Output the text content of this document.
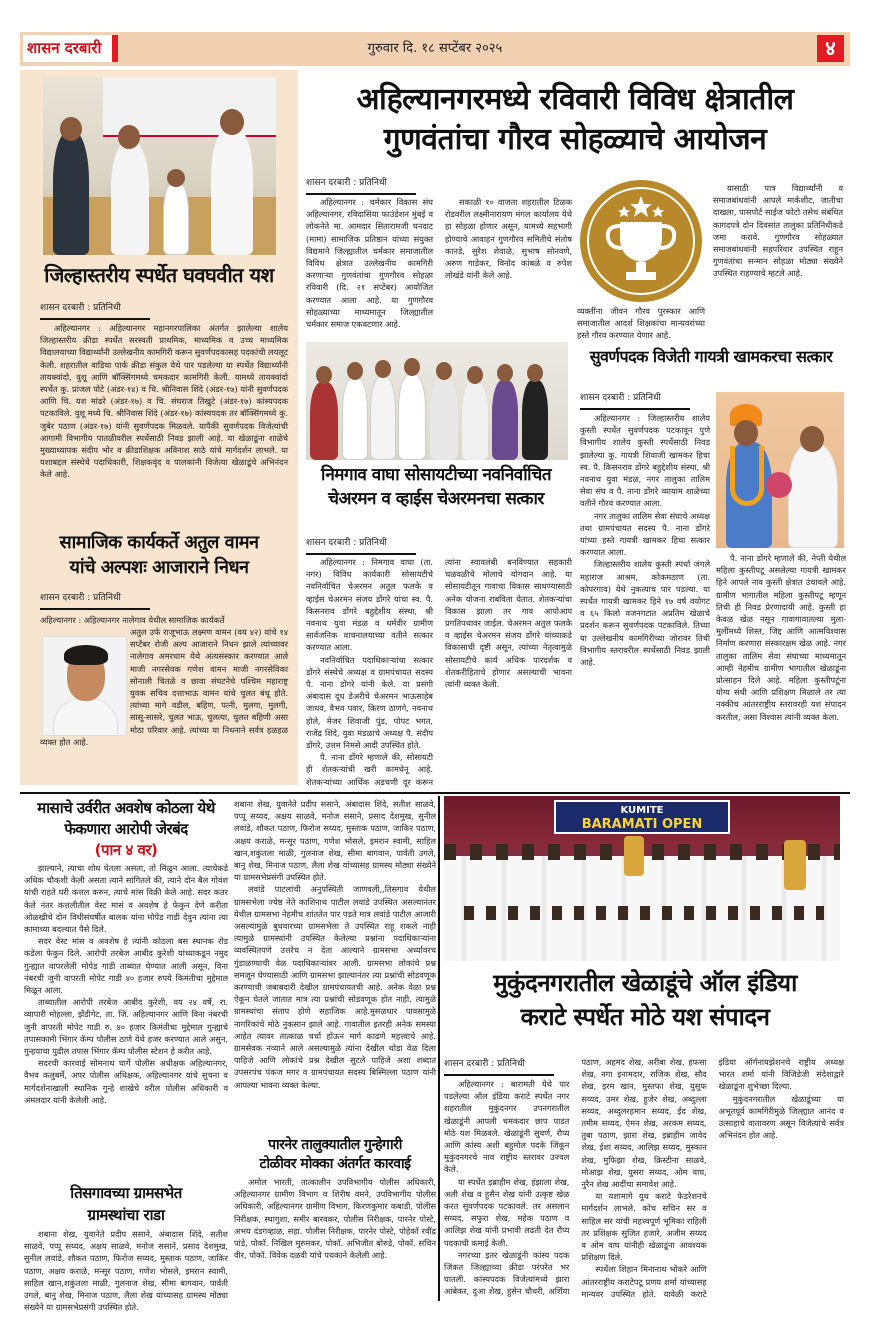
गुरुवार दि. १८ सप्टेंबर २०२५
शासन दरबारी	४
जिल्हास्तरीय स्पर्धेत घवघवीत यश
शासन दरबारी : प्रतिनिधी

अहिल्यानगर : अहिल्यानगर महानगरपालिका अंतर्गत झालेल्या शालेय जिल्हास्तरीय क्रीडा स्पर्धेत सरस्वती प्राथमिक, माध्यमिक व उच्च माध्यमिक विद्यालयाच्या विद्यार्थ्यांनी उल्लेखनीय कामगिरी करून सुवर्णपदकासह पदकांची लयलूट केली. शहरातील वाडिया पार्क क्रीडा संकुल येथे पार पडलेल्या या स्पर्धेत विद्यार्थ्यांनी तायक्वांदो, वुशू आणि बॉक्सिंगमध्ये चमकदार कामगिरी केली. यामध्ये तायक्वांदो स्पर्धेत कु. प्रांजल पोटे (अंडर-१४) व चि. श्रीनिवास शिंदे (अंडर-१७) यांनी सुवर्णपदक आणि चि. यश मांढरे (अंडर-१७) व चि. संघराज तिखुटे (अंडर-१७) कांस्यपदक पटकाविले. वुशू मध्ये चि. श्रीनिवास शिंदे (अंडर-१७) कांस्यपदक तर बॉक्सिंगमध्ये कु. जुबेर पठाण (अंडर-१७) यांनी सुवर्णपदक मिळवले. यापैकी सुवर्णपदक विजेत्यांची आगामी विभागीय पातळीवरील स्पर्धेसाठी निवड झाली आहे. या खेळाडूंना शाळेचे मुख्याध्यापक संदीप भोर व क्रीडाशिक्षक अविनाश साठे यांचे मार्गदर्शन लाभले. या यशाबद्दल संस्थेचे पदाधिकारी, शिक्षकवृंद व पालकांनी विजेत्या खेळाडूंचे अभिनंदन केले आहे.

सामाजिक कार्यकर्ते अतुल वामन
यांचे अल्पशः आजाराने निधन
शासन दरबारी : प्रतिनिधी
अहिल्यानगर : अहिल्यानगर नालेगाव येथील सामाजिक कार्यकर्ते

अतुल उर्फ राजूभाऊ लक्ष्मण वामन (वय ४२) यांचे १४ सप्टेंबर रोजी अल्प आजाराने निधन झाले त्यांच्यावर नालेगाव अमरधाम येथे अंत्यसंस्कार करण्यात आले माजी नगरसेवक गणेश वामन माजी नगरसेविका सोनाली चितळे व छावा संघटनेचे पश्चिम महाराष्ट्र युवक सचिव दत्ताभाऊ वामन यांचे चुलत बंधू होते. त्यांच्या मागे वडील, बहिण, पत्नी, मुलगा, मुलगी, सासू-सासरे, चुलत भाऊ, चुलत्या, चुलत बहिणी असा मोठा परिवार आहे. त्यांच्या या निधनाने सर्वत्र हळहळ व्यक्त होत आहे.

अहिल्यानगरमध्ये रविवारी विविध क्षेत्रातील
गुणवंतांचा गौरव सोहळ्याचे आयोजन
शासन दरबारी : प्रतिनिधी

अहिल्यानगर : चर्मकार विकास संघ अहिल्यानगर, रविदासिया फाउंडेशन मुंबई व लोकनेते मा. आमदार सितारामजी घनदाट (मामा) सामाजिक प्रतिष्ठान यांच्या संयुक्त विद्यमाने जिल्ह्यातील चर्मकार समाजातील विविध क्षेत्रात उल्लेखनीय कामगिरी करणाऱ्या गुणवंतांचा गुणगौरव सोहळा रविवारी (दि. २१ सप्टेंबर) आयोजित करण्यात आला आहे. या गुणगौरव सोहळ्याच्या माध्यमातून जिल्ह्यातील चर्मकार समाज एकवटणार आहे.

सकाळी १० वाजता शहरातील टिळक रोडवरील लक्ष्मीनारायण मंगल कार्यालय येथे हा सोहळा होणार असून, यामध्ये सहभागी होण्याचे आवाहन गुणगौरव समितीचे संतोष कानडे, सुरेश शेवाळे, सुभाष सोनवणे, अरुण गाडेकर, विनोद कांबळे व रुपेश लोखंडे यांनी केले आहे.

व्यक्तींना जीवन गौरव पुरस्कार आणि समाजातील आदर्श शिक्षकांचा मान्यवरांच्या हस्ते गौरव करण्यात येणार आहे.

यासाठी पात्र विद्यार्थ्यांनी व समाजबांधवांनी आपले मार्कशीट, जातीचा दाखला, पासपोर्ट साईज फोटो तसेच संबंधित कागदपत्रे दोन दिवसांत तालुका प्रतिनिधीकडे जमा करावे. गुणगौरव सोहळ्यात समाजबांधवांनी सहपरिवार उपस्थित राहून गुणवंतांचा सन्मान सोहळा मोठ्या संख्येने उपस्थित राहण्याचे म्हटले आहे.

निमगाव वाघा सोसायटीच्या नवनिर्वाचित
चेअरमन व व्हाईस चेअरमनचा सत्कार
शासन दरबारी : प्रतिनिधी

अहिल्यानगर : निमगाव वाघा (ता. नगर) विविध कार्यकारी सोसायटीचे नवनिर्वाचित चेअरमन अतुल फलके व व्हाईस चेअरमन संजय डोंगरे यांचा स्व. पै. किसनराव डोंगरे बहुद्देशीय संस्था, श्री नवनाथ युवा मंडळ व धर्मवीर ग्रामीण सार्वजनिक वाचनालयाच्या वतीने सत्कार करण्यात आला.

नवनिर्वाचित पदाधिकाऱ्यांचा सत्कार डोंगरे संस्थेचे अध्यक्ष व ग्रामपंचायत सदस्य पै. नाना डोंगरे यांनी केले. या प्रसंगी अंबादास दूध डेअरीचे चेअरमन भाऊसाहेब जाधव, वैभव पवार, किरण ठाणगे, नवनाथ होले, मेजर शिवाजी पुंड, पोपट भगत, राजेंद्र शिंदे, युवा मंडळाचे अध्यक्ष पै. संदीप डोंगरे, उत्तम निमसे आदी उपस्थित होते.

पै. नाना डोंगरे म्हणाले की, सोसायटी ही शेतकऱ्यांची खरी कामधेनू आहे. शेतकऱ्यांच्या आर्थिक अडचणी दूर करून त्यांना स्वावलंबी बनविण्यात सहकारी चळवळीचे मोलाचे योगदान आहे. या सोसायटीतून गावाचा विकास साधण्यासाठी अनेक योजना राबविता येतात. शेतकऱ्यांचा विकास झाला तर गाव आपोआप प्रगतिपथावर जाईल. चेअरमन अतुल फलके व व्हाईस चेअरमन संजय डोंगरे यांच्याकडे विकासाची दृष्टी असून, त्यांच्या नेतृत्वामुळे सोसायटीचे कार्य अधिक पारदर्शक व शेतकरीहिताचे होणार असल्याची भावना त्यांनी व्यक्त केली.

सुवर्णपदक विजेती गायत्री खामकरचा सत्कार
शासन दरबारी : प्रतिनिधी

अहिल्यानगर : जिल्हास्तरीय शालेय कुस्ती स्पर्धेत सुवर्णपदक पटकावून पुणे विभागीय शालेय कुस्ती स्पर्धेसाठी निवड झालेल्या कु. गायत्री शिवाजी खामकर हिचा स्व. पै. किसनराव डोंगरे बहुद्देशीय संस्था, श्री नवनाथ युवा मंडळ, नगर तालुका तालिम सेवा संघ व पै. नाना डोंगरे व्यायाम शाळेच्या वतीने गौरव करण्यात आला.

नगर तालुका तालिम सेवा संघाचे अध्यक्ष तथा ग्रामपंचायत सदस्य पै. नाना डोंगरे यांच्या हस्ते गायत्री खामकर हिचा सत्कार करण्यात आला.

जिल्हास्तरीय शालेय कुस्ती स्पर्धा जंगले महाराज आश्रम, कोकमठाण (ता. कोपरगाव) येथे नुकत्याच पार पडल्या. या स्पर्धेत गायत्री खामकर हिने १७ वर्ष वयोगट व ६५ किलो वजनगटात अप्रतिम खेळाचे प्रदर्शन करून सुवर्णपदक पटकाविले. तिच्या या उल्लेखनीय कामगिरीच्या जोरावर तिची विभागीय स्तरावरील स्पर्धेसाठी निवड झाली आहे.

पै. नाना डोंगरे म्हणाले की, नेप्ती येथील महिला कुस्तीपटू असलेल्या गायत्री खामकर हिने आपले नाव कुस्ती क्षेत्रात उंचावले आहे. ग्रामीण भागातील महिला कुस्तीपटू म्हणून तिची ही निवड प्रेरणादायी आहे. कुस्ती हा केवळ खेळ नसून गावागावातल्या मुला-मुलींमध्ये शिस्त, जिद्द आणि आत्मविश्वास निर्माण करणारा संस्कारक्षम खेळ आहे. नगर तालुका तालिम सेवा संघाच्या माध्यमातून आम्ही नेहमीच ग्रामीण भागातील खेळाडूंना प्रोत्साहन दिले आहे. महिला कुस्तीपटूंना योग्य संधी आणि प्रशिक्षण मिळाले तर त्या नक्कीच आंतरराष्ट्रीय स्तरावरही यश संपादन करतील, असा विश्वास त्यांनी व्यक्त केला.

मासाचे उर्वरीत अवशेष कोठला येथे
फेकणारा आरोपी जेरबंद
(पान ४ वर)

झाल्याने, त्याचा शोध घेतला असता, तो मिळुन आला. त्याचेकडे अधिक चौकशी केली असता त्याने सांगितले की, त्याने दोन बैल गोवंश यांची राहते घरी कत्तल करुन, त्याचे मांस विक्री केले आहे. सदर कतर केले नंतर कत्तलीतील वेस्ट मासं व अवशेष हे फेकुन देणे करीता ओळखीचे दोन विधीसंघर्षीत बालक यांना मोपेड गाडी देवुन त्यांना त्या कामाच्या बदल्यात पैसे दिले.

सदर वेस्ट मांस व अवशेष हे त्यांनी कोठला बस स्थानक रोड कडेला फेकुन दिले. आरोपी तरबेज आबीद कुरेशी यांच्याकडून नमुद गुन्ह्यात वापरलेली मोपेड गाडी ताब्यात घेण्यात आली असून, विना नंबरची जुनी वापरती मोपेट गाडी ४० हजार रुपये किमंतीचा मुद्देमाल मिळून आला.

ताब्यातील आरोपी तरबेज आबीद कुरेशी, वय २४ वर्षे, रा. व्यापारी मोहल्ला, झेंडीगेट, ता. जि. अहिल्यानगर आणि विना नंबरची जुनी वापरती मोपेट गाडी रु. ४० हजार किमंतीचा मुद्देमाल गुन्ह्याचे तपासकामी भिंगार कॅम्प पोलीस ठाणे येथे हजर करण्यात आले असुन, गुन्हयाचा पुढील तपास भिंगार कॅम्प पोलीस स्टेशन हे करीत आहे.

सदरची कारवाई सोमनाथ घार्गे पोलीस अधीक्षक अहिल्यानगर, वैभव कलुबर्मे, अपर पोलीस अधिक्षक, अहिल्यानगर यांचे सुचना व मार्गदर्शनाखाली स्थानिक गुन्हे शाखेचे वरील पोलीस अधिकारी व अंमलदार यांनी केलेली आहे.

तिसगावच्या ग्रामसभेत
ग्रामस्थांचा राडा

शबाना शेख, युवानेते प्रदीप ससाने, अंबादास शिंदे, सतीश साळवे, पप्पू सय्यद, अक्षय साळवे, मनोज ससाने, प्रसाद देशमुख, सुनील लवांडे, शौकत पठाण, फिरोज सय्यद, मुस्ताक पठाण, जाकिर पठाण, अक्षय कराळे, मन्सूर पठाण, गणेश भोसले, इमरान स्वामी, साहिल खान,शकुंतला माळी, गुलनाज शेख, सीमा बागवान, पार्वती उगले, बानु शेख, मिनाज पठाण, लैला शेख यांच्यासह ग्रामस्थ मोठ्या संख्येने या ग्रामसभेप्रसंगी उपस्थित होते.

शबाना शेख, युवानेते प्रदीप ससाने, अंबादास शिंदे, सतीश साळवे, पप्पू सय्यद, अक्षय साळवे, मनोज ससाने, प्रसाद देशमुख, सुनील लवांडे, शौकत पठाण, फिरोज सय्यद, मुस्ताक पठाण, जाकिर पठाण, अक्षय कराळे, मन्सूर पठाण, गणेश भोसले, इमरान स्वामी, साहिल खान,शकुंतला माळी, गुलनाज शेख, सीमा बागवान, पार्वती उगले, बानु शेख, मिनाज पठाण, लैला शेख यांच्यासह ग्रामस्थ मोठ्या संख्येने या ग्रामसभेप्रसंगी उपस्थित होते.

लवांडे पाटलांची अनुपस्थिती जाणवली,,तिसगाव येथील ग्रामसभेला ज्येष्ठ नेते काशिनाथ पाटील लवांडे उपस्थित असल्यानंतर येथील ग्रामसभा नेहमीच शांततेत पार पडते मात्र लवांडे पाटील आजारी असल्यामुळे बुधवारच्या ग्रामसभेला ते उपस्थित राहू शकले नाही त्यामुळे ग्रामस्थांनी उपस्थित केलेल्या प्रश्नांना पदाधिकाऱ्यांना व्यवस्थितपणे उत्तरेच न देता आल्याने ग्रामसभा अर्ध्यावरच गुंडाळण्याची वेळ पदाधिकाऱ्यांवर आली. ग्रामसभा लोकांचे प्रश्न समजून घेण्यासाठी आणि ग्रामसभा झाल्यानंतर त्या प्रश्नांची सोडवणूक करण्याची जबाबदारी देखील ग्रामपंचायतची आहे. अनेक वेळा प्रश्न ऐकून घेतले जातात मात्र त्या प्रश्नांची सोडवणूक होत नाही. त्यामुळे ग्रामस्थांचा संताप होणे सहाजिक आहे.मुसळधार पावसामुळे नागरिकांचे मोठे नुकसान झाले आहे. गावातील इतरही अनेक समस्या आहेत त्यावर तात्काळ चर्चा होऊन मार्ग काढणे महत्त्वाचे आहे. ग्रामसेवक नव्याने आले असल्यामुळे त्यांना देखील थोडा वेळ दिला पाहिजे आणि लोकांचे प्रश्न देखील सुटले पाहिजे अशा शब्दात उपसरपंच पंकज मगर व ग्रामपंचायत सदस्य बिस्मिल्ला पठाण यांनी आपल्या भावना व्यक्त केल्या.

पारनेर तालुक्यातील गुन्हेगारी
टोळीवर मोक्का अंतर्गत कारवाई

अमोल भारती, तात्कालीन उपविभागीय पोलीस अधिकारी, अहिल्यानगर ग्रामीण विभाग व शिरीष वमने, उपविभागीय पोलीस अधिकारी, अहिल्यानगर ग्रामीण विभाग, किरणकुमार कबाडी, पोलीस निरीक्षक, स्थागुशा, समीर बारवकर, पोलीस निरीक्षक, पारनेर पोस्टे, अभय दंडगव्हाळ, सहा. पोलीस निरीक्षक, पारनेर पोस्टे, पोहेकॉ रवींद्र पांडे, पोकॉ. निखिल मुरुमकर, पोकॉ. अभिजीत बोरुडे, पोकॉ. सचिन वीर, पोकॉ. विवेक दळवी यांचे पथकाने केलेली आहे.

KUMITE
BARAMATI OPEN
मुकुंदनगरातील खेळाडूंचे ऑल इंडिया
कराटे स्पर्धेत मोठे यश संपादन
शासन दरबारी : प्रतिनिधी

अहिल्यानगर : बारामती येथे पार पडलेल्या ऑल इंडिया कराटे स्पर्धेत नगर शहरातील मुकुंदनगर उपनगरातील खेळाडूंनी आपली चमकदार छाप पाडत मोठे यश मिळवले. खेळाडूंनी सुवर्ण, रौप्य आणि कांस्य अशी बहुमोल पदके जिंकून मुकुंदनगरचे नाव राष्ट्रीय स्तरावर उज्वल केले.

या स्पर्धेत इब्राहीम शेख, हंझाला शेख, अली शेख व हुसैन शेख यांनी उत्कृष्ट खेळ करत सुवर्णपदक पटकावले. तर असलान सय्यद, सफुरा शेख, महेक पठाण व आलिझ शेख यांनी प्रभावी लढती देत रौप्य पदकाची कमाई केली.

नगरच्या इतर खेळाडूंनी कांस्य पदक जिंकत जिल्ह्याच्या क्रीडा परंपरेत भर घातली. कांस्यपदक विजेत्यांमध्ये झारा आंबेकर, दुआ शेख, हुसेन चौधरी, अर्शिया पठाण, अहमद शेख, अरीबा शेख, हफसा शेख, नगा इनामदार, राजिक शेख, सौद शेख, इरम खान, मुस्तफा शेख, युसुफ सय्यद, उमर शेख, हुजेर शेख, अब्दुल्ला सय्यद, अब्दुलरहमान सय्यद, ईद शेख, तमीम सय्यद, ऐमन शेख, अरकम सय्यद, तुबा पठाण, झारा शेख, इब्राहीम जावेद शेख, ईशा सय्यद, आलिझ सय्यद, मुस्कान शेख, मुफिझा शेख, क्रिस्टीना साळवे, मोआझ शेख, युसरा सय्यद, ओम वाघ, नुरैन शेख आदींचा समावेश आहे.

या यशामागे युथ कराटे फेडरेशनचे मार्गदर्शन लाभले. कोच सचिन सर व साहिल सर यांची महत्त्वपूर्ण भूमिका राहिली तर प्रशिक्षक सुजित हजारे, अजीम सय्यद व ओम वाघ यांनीही खेळाडूंना आवश्यक प्रशिक्षण दिले.

स्पर्धेला शिहान मिनानाथ भोकरे आणि आंतरराष्ट्रीय कराटेपटू प्रणय शर्मा यांच्यासह मान्यवर उपस्थित होते. यावेळी कराटे इंडिया ऑर्गनायझेशनचे राष्ट्रीय अध्यक्ष भारत शर्मा यांनी विजिडेजी संदेशाद्वारे खेळाडूंना शुभेच्छा दिल्या.

मुकुंदनगरातील खेळाडूंच्या या अभूतपूर्व कामगिरीमुळे जिल्ह्यात आनंद व उत्साहाचे वातावरण असून विजेत्यांचे सर्वत्र अभिनंदन होत आहे.
